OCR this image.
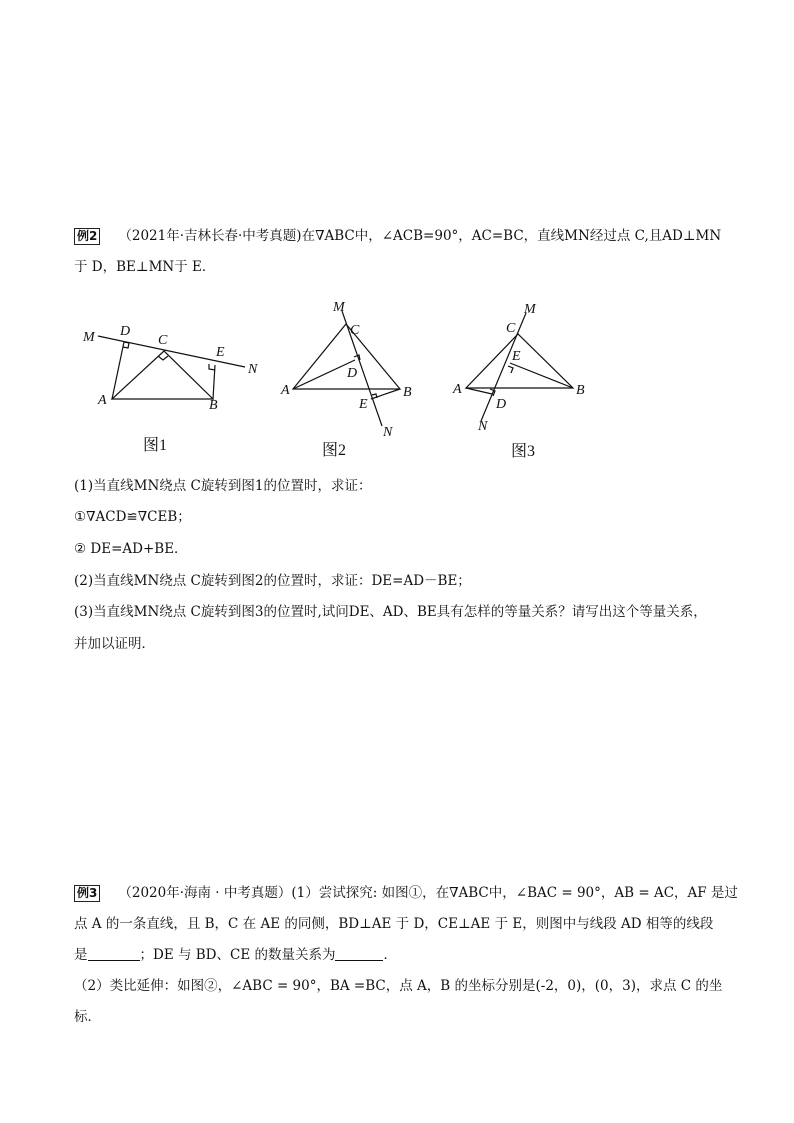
例2 （2021年·吉林长春·中考真题)在∇ABC中，∠ACB=90°，AC=BC，直线MN经过点 C,且AD⊥MN
于 D，BE⊥MN于 E．
M D
C
E
N
A	B
图1
M
C
D
A	B
E
N
图2
C
M
E
A	B
D
N
图3
(1)当直线MN绕点 C旋转到图1的位置时，求证：
①∇ACD≌∇CEB；
② DE=AD+BE．
(2)当直线MN绕点 C旋转到图2的位置时，求证：DE=AD－BE；
(3)当直线MN绕点 C旋转到图3的位置时,试问DE、AD、BE具有怎样的等量关系？请写出这个等量关系，
并加以证明．
例3 （2020年·海南 · 中考真题）(1）尝试探究: 如图①，在∇ABC中，∠BAC = 90°，AB = AC，AF 是过
点 A 的一条直线，且 B，C 在 AE 的同侧，BD⊥AE 于 D，CE⊥AE 于 E，则图中与线段 AD 相等的线段
是	；DE 与 BD、CE 的数量关系为	．
（2）类比延伸：如图②，∠ABC = 90°，BA =BC，点 A，B 的坐标分别是(-2，0)，(0，3)，求点 C 的坐
标．
